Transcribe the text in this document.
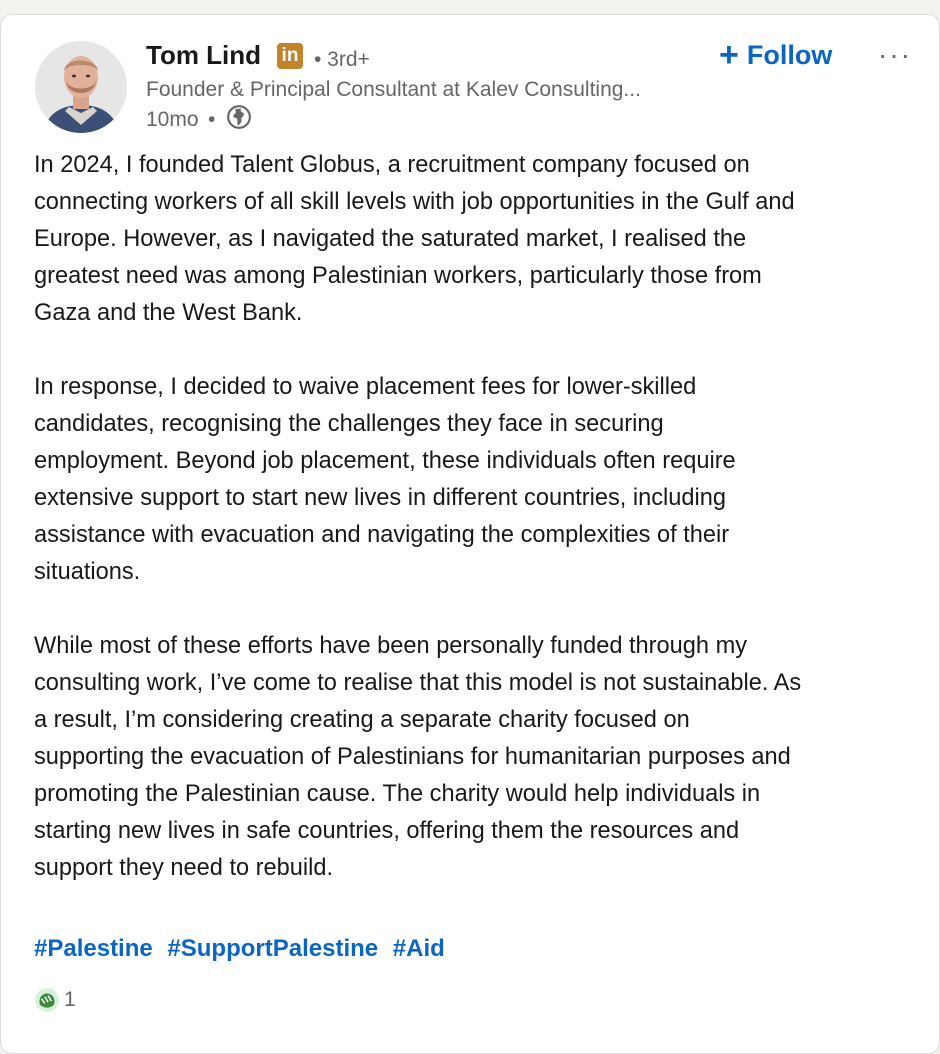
Tom Lind in • 3rd+
Founder & Principal Consultant at Kalev Consulting...
10mo •
+ Follow ···

In 2024, I founded Talent Globus, a recruitment company focused on
connecting workers of all skill levels with job opportunities in the Gulf and
Europe. However, as I navigated the saturated market, I realised the
greatest need was among Palestinian workers, particularly those from
Gaza and the West Bank.

In response, I decided to waive placement fees for lower-skilled
candidates, recognising the challenges they face in securing
employment. Beyond job placement, these individuals often require
extensive support to start new lives in different countries, including
assistance with evacuation and navigating the complexities of their
situations.

While most of these efforts have been personally funded through my
consulting work, I’ve come to realise that this model is not sustainable. As
a result, I’m considering creating a separate charity focused on
supporting the evacuation of Palestinians for humanitarian purposes and
promoting the Palestinian cause. The charity would help individuals in
starting new lives in safe countries, offering them the resources and
support they need to rebuild.

#Palestine #SupportPalestine #Aid
1
